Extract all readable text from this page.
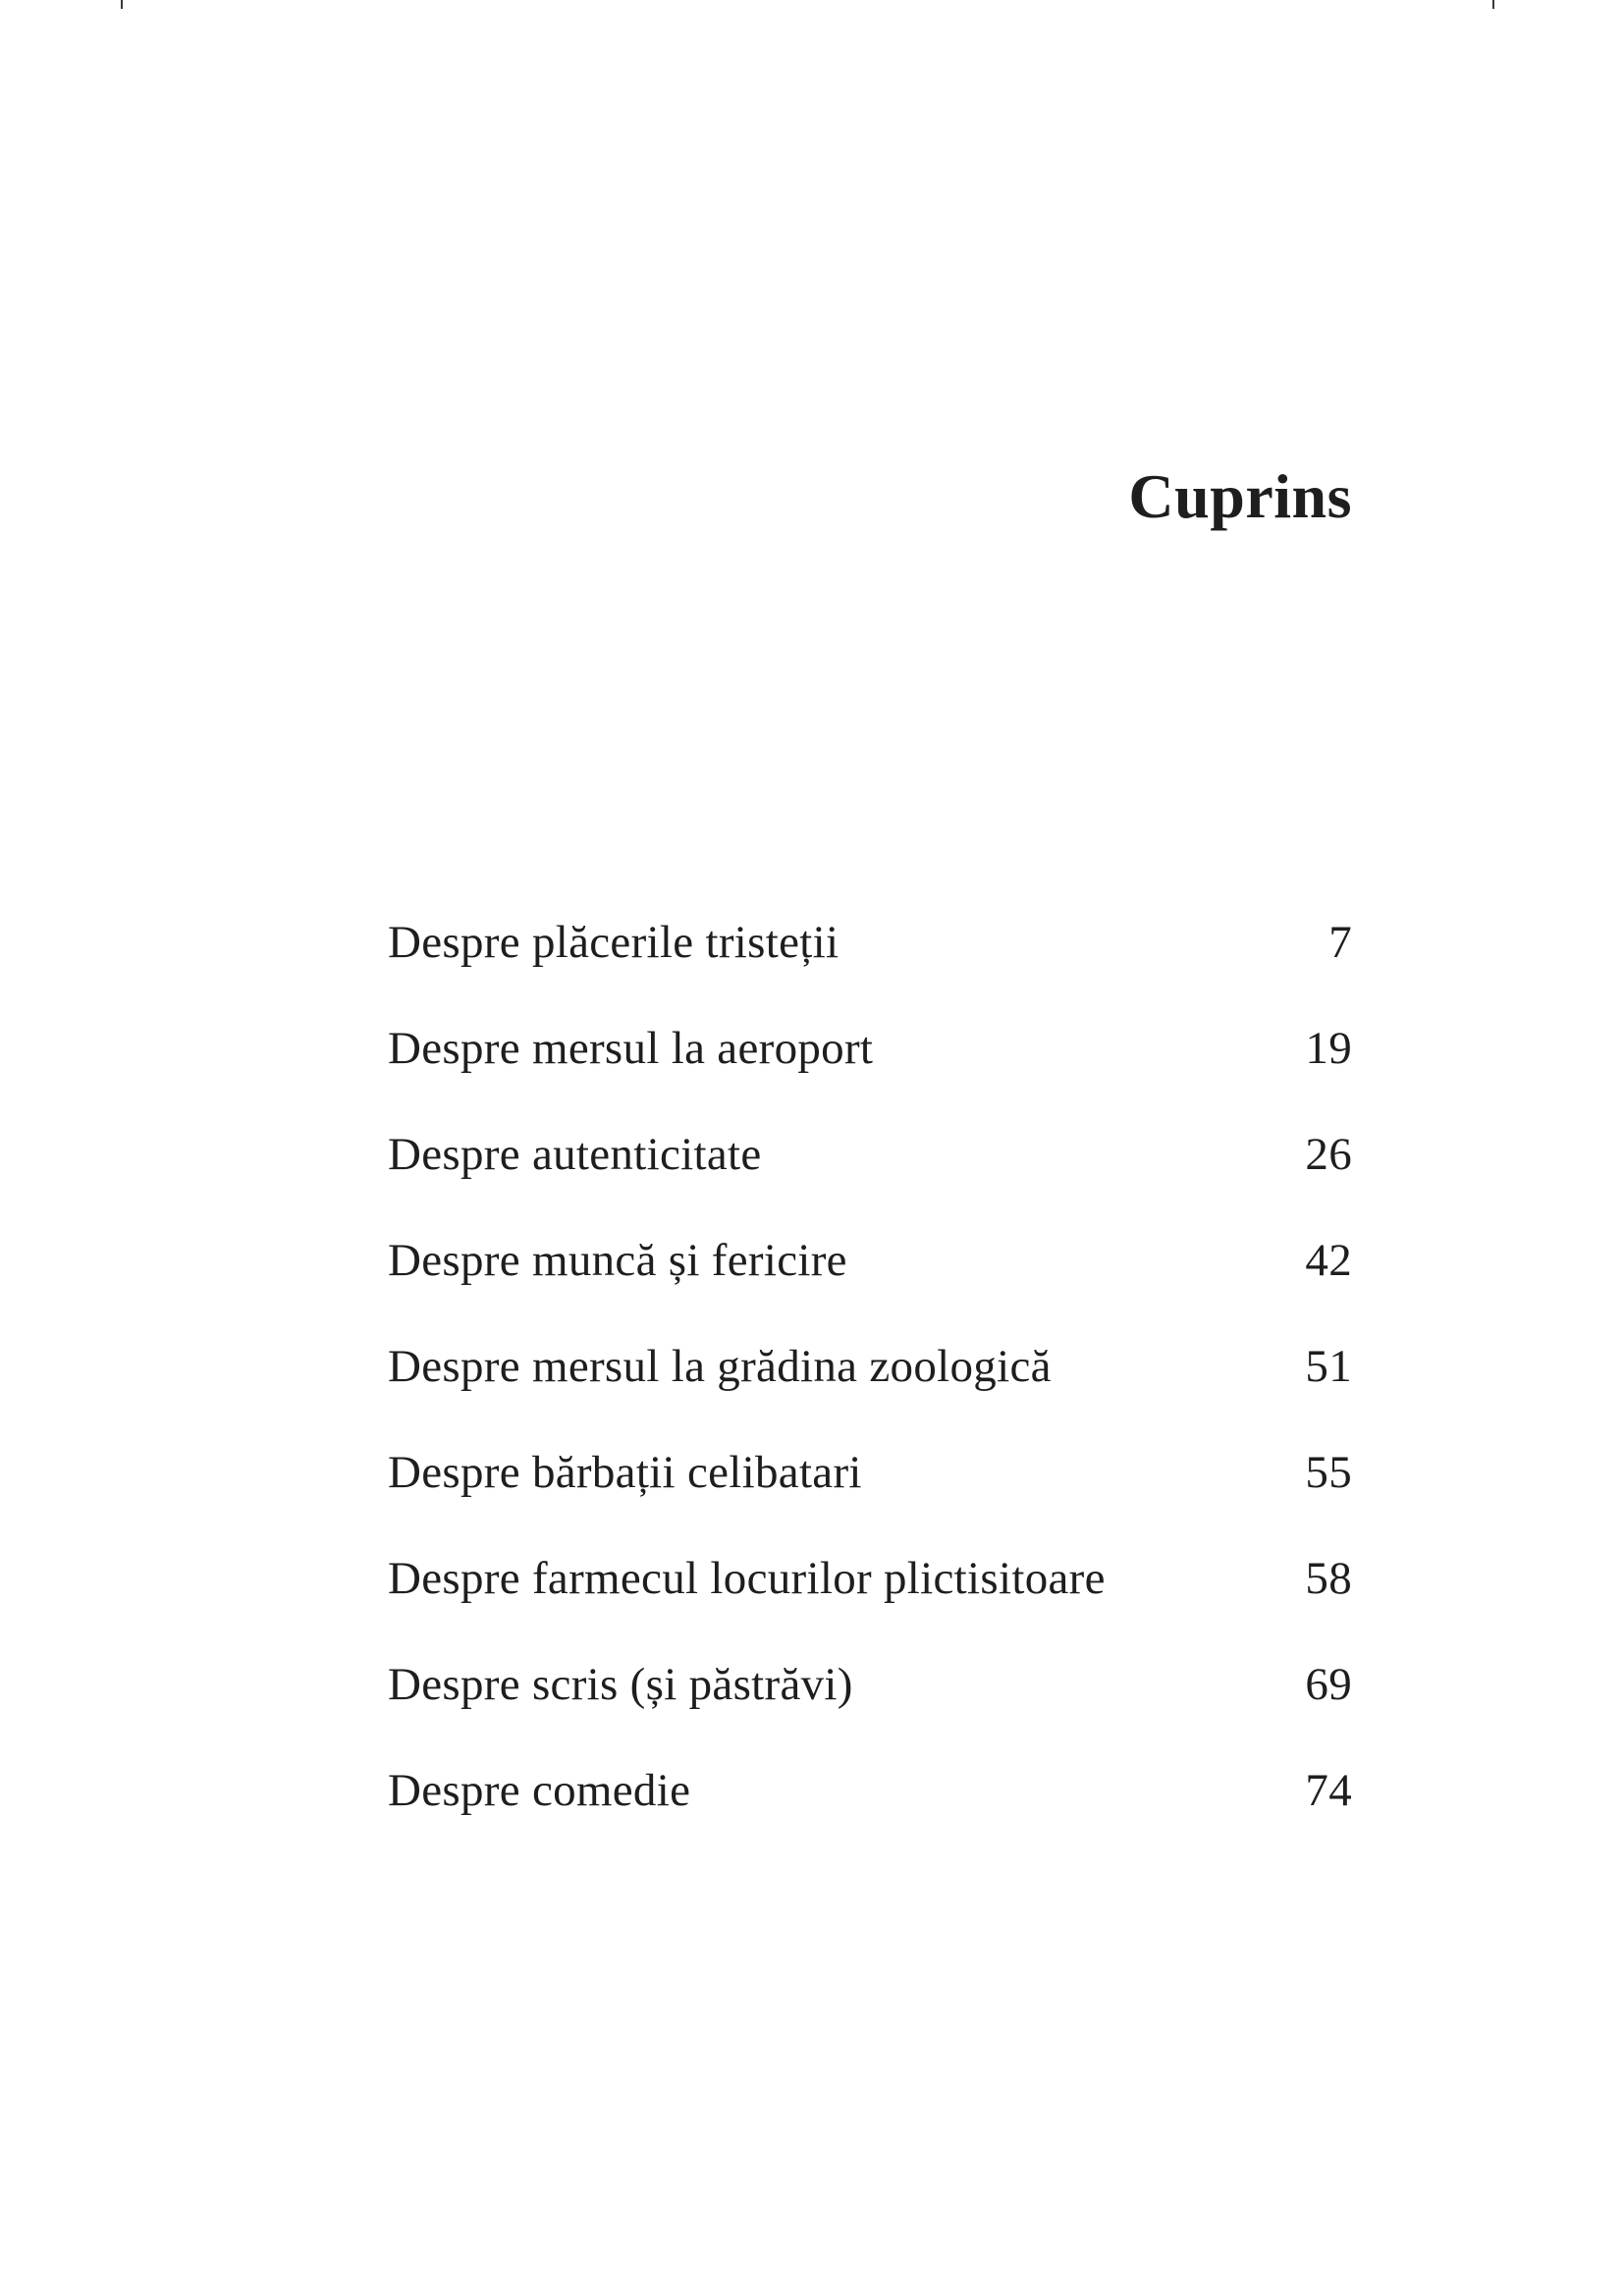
Cuprins
Despre plăcerile tristeții	7
Despre mersul la aeroport	19
Despre autenticitate	26
Despre muncă și fericire	42
Despre mersul la grădina zoologică	51
Despre bărbații celibatari	55
Despre farmecul locurilor plictisitoare	58
Despre scris (și păstrăvi)	69
Despre comedie	74
